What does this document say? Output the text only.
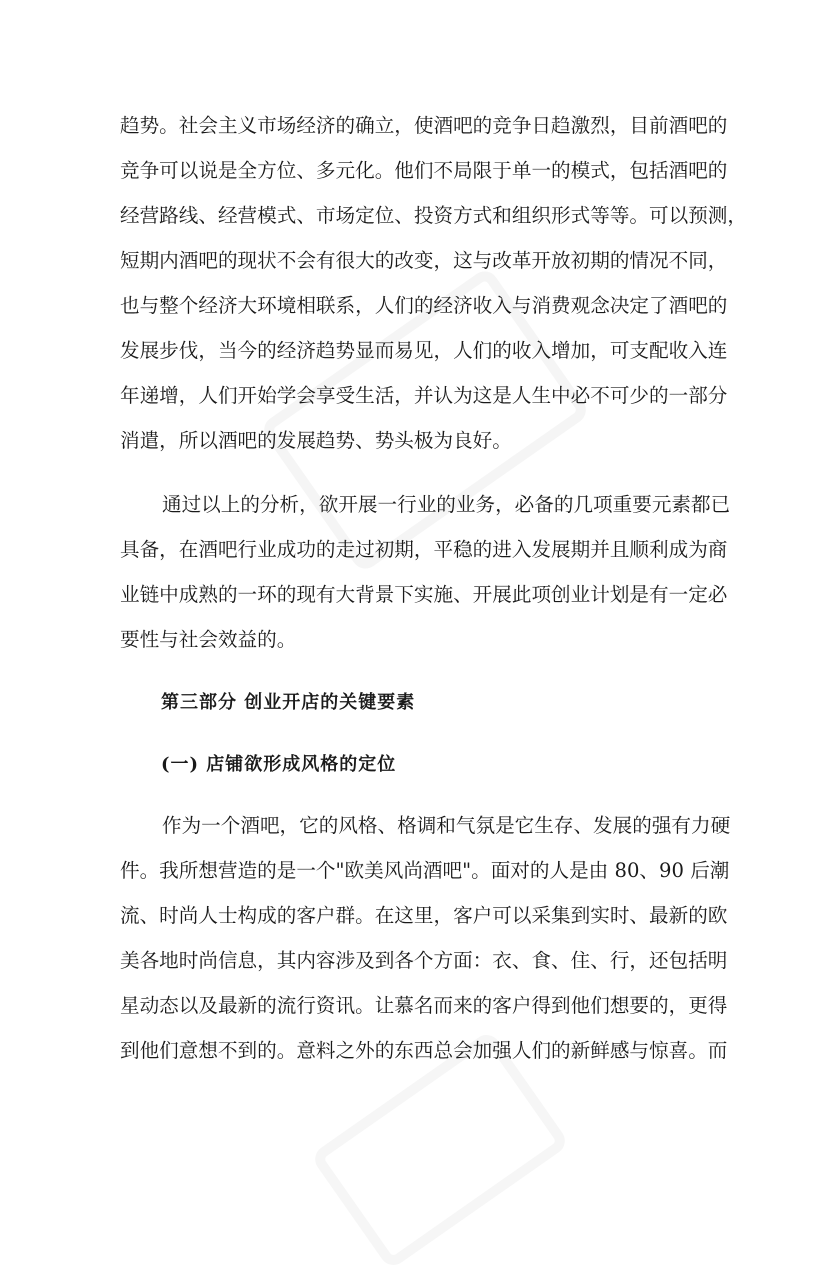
趋势。社会主义市场经济的确立，使酒吧的竞争日趋激烈，目前酒吧的
竞争可以说是全方位、多元化。他们不局限于单一的模式，包括酒吧的
经营路线、经营模式、市场定位、投资方式和组织形式等等。可以预测，
短期内酒吧的现状不会有很大的改变，这与改革开放初期的情况不同，
也与整个经济大环境相联系，人们的经济收入与消费观念决定了酒吧的
发展步伐，当今的经济趋势显而易见，人们的收入增加，可支配收入连
年递增，人们开始学会享受生活，并认为这是人生中必不可少的一部分
消遣，所以酒吧的发展趋势、势头极为良好。
通过以上的分析，欲开展一行业的业务，必备的几项重要元素都已
具备，在酒吧行业成功的走过初期，平稳的进入发展期并且顺利成为商
业链中成熟的一环的现有大背景下实施、开展此项创业计划是有一定必
要性与社会效益的。
第三部分 创业开店的关键要素
(一) 店铺欲形成风格的定位
作为一个酒吧，它的风格、格调和气氛是它生存、发展的强有力硬
件。我所想营造的是一个"欧美风尚酒吧"。面对的人是由 80、90 后潮
流、时尚人士构成的客户群。在这里，客户可以采集到实时、最新的欧
美各地时尚信息，其内容涉及到各个方面：衣、食、住、行，还包括明
星动态以及最新的流行资讯。让慕名而来的客户得到他们想要的，更得
到他们意想不到的。意料之外的东西总会加强人们的新鲜感与惊喜。而
